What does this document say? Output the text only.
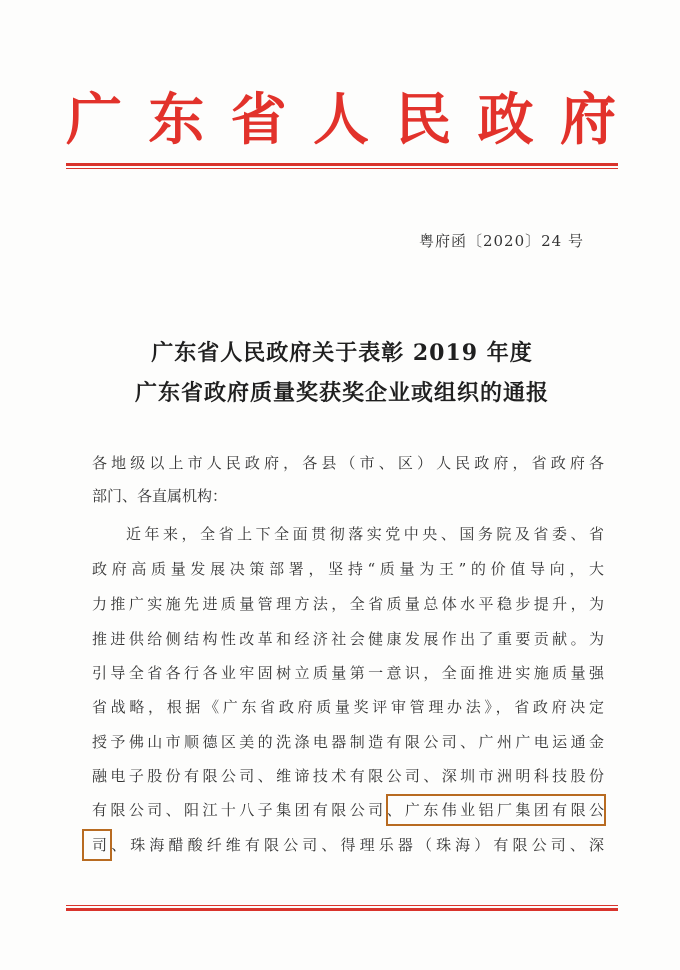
广 东 省 人 民 政 府
粤府函〔2020〕24 号
广东省人民政府关于表彰 2019 年度
广东省政府质量奖获奖企业或组织的通报
各地级以上市人民政府，各县（市、区）人民政府，省政府各
部门、各直属机构：
近年来，全省上下全面贯彻落实党中央、国务院及省委、省
政府高质量发展决策部署，坚持“质量为王”的价值导向，大
力推广实施先进质量管理方法，全省质量总体水平稳步提升，为
推进供给侧结构性改革和经济社会健康发展作出了重要贡献。为
引导全省各行各业牢固树立质量第一意识，全面推进实施质量强
省战略，根据《广东省政府质量奖评审管理办法》，省政府决定
授予佛山市顺德区美的洗涤电器制造有限公司、广州广电运通金
融电子股份有限公司、维谛技术有限公司、深圳市洲明科技股份
有限公司、阳江十八子集团有限公司、广东伟业铝厂集团有限公
司、珠海醋酸纤维有限公司、得理乐器（珠海）有限公司、深
